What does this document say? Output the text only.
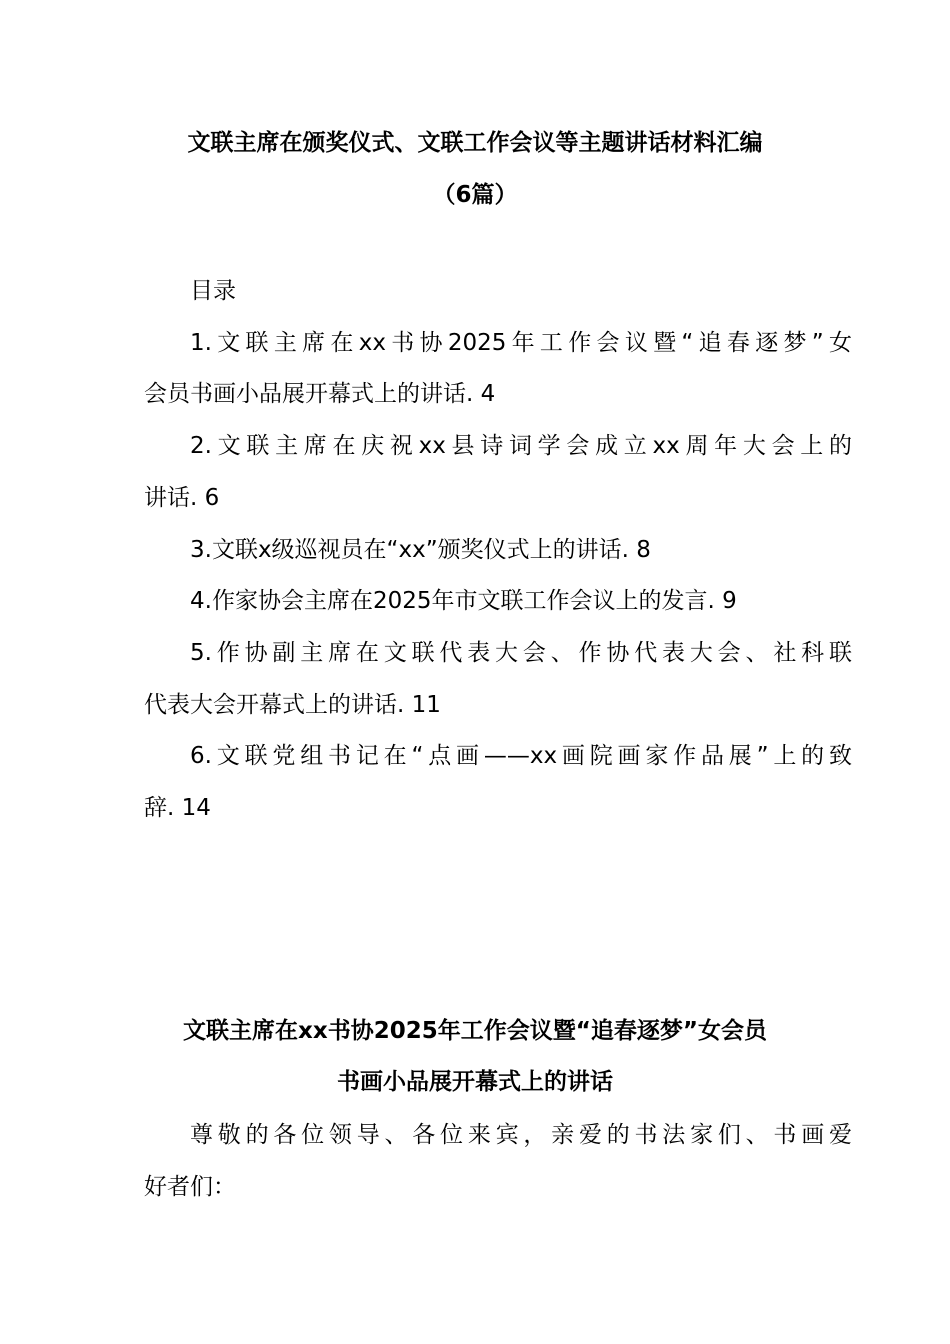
文联主席在颁奖仪式、文联工作会议等主题讲话材料汇编
（6篇）
目录
1.文联主席在xx书协2025年工作会议暨“追春逐梦”女
会员书画小品展开幕式上的讲话. 4
2.文联主席在庆祝xx县诗词学会成立xx周年大会上的
讲话. 6
3.文联x级巡视员在“xx”颁奖仪式上的讲话. 8
4.作家协会主席在2025年市文联工作会议上的发言. 9
5.作协副主席在文联代表大会、作协代表大会、社科联
代表大会开幕式上的讲话. 11
6.文联党组书记在“点画——xx画院画家作品展”上的致
辞. 14
文联主席在xx书协2025年工作会议暨“追春逐梦”女会员
书画小品展开幕式上的讲话
尊敬的各位领导、各位来宾，亲爱的书法家们、书画爱
好者们：
